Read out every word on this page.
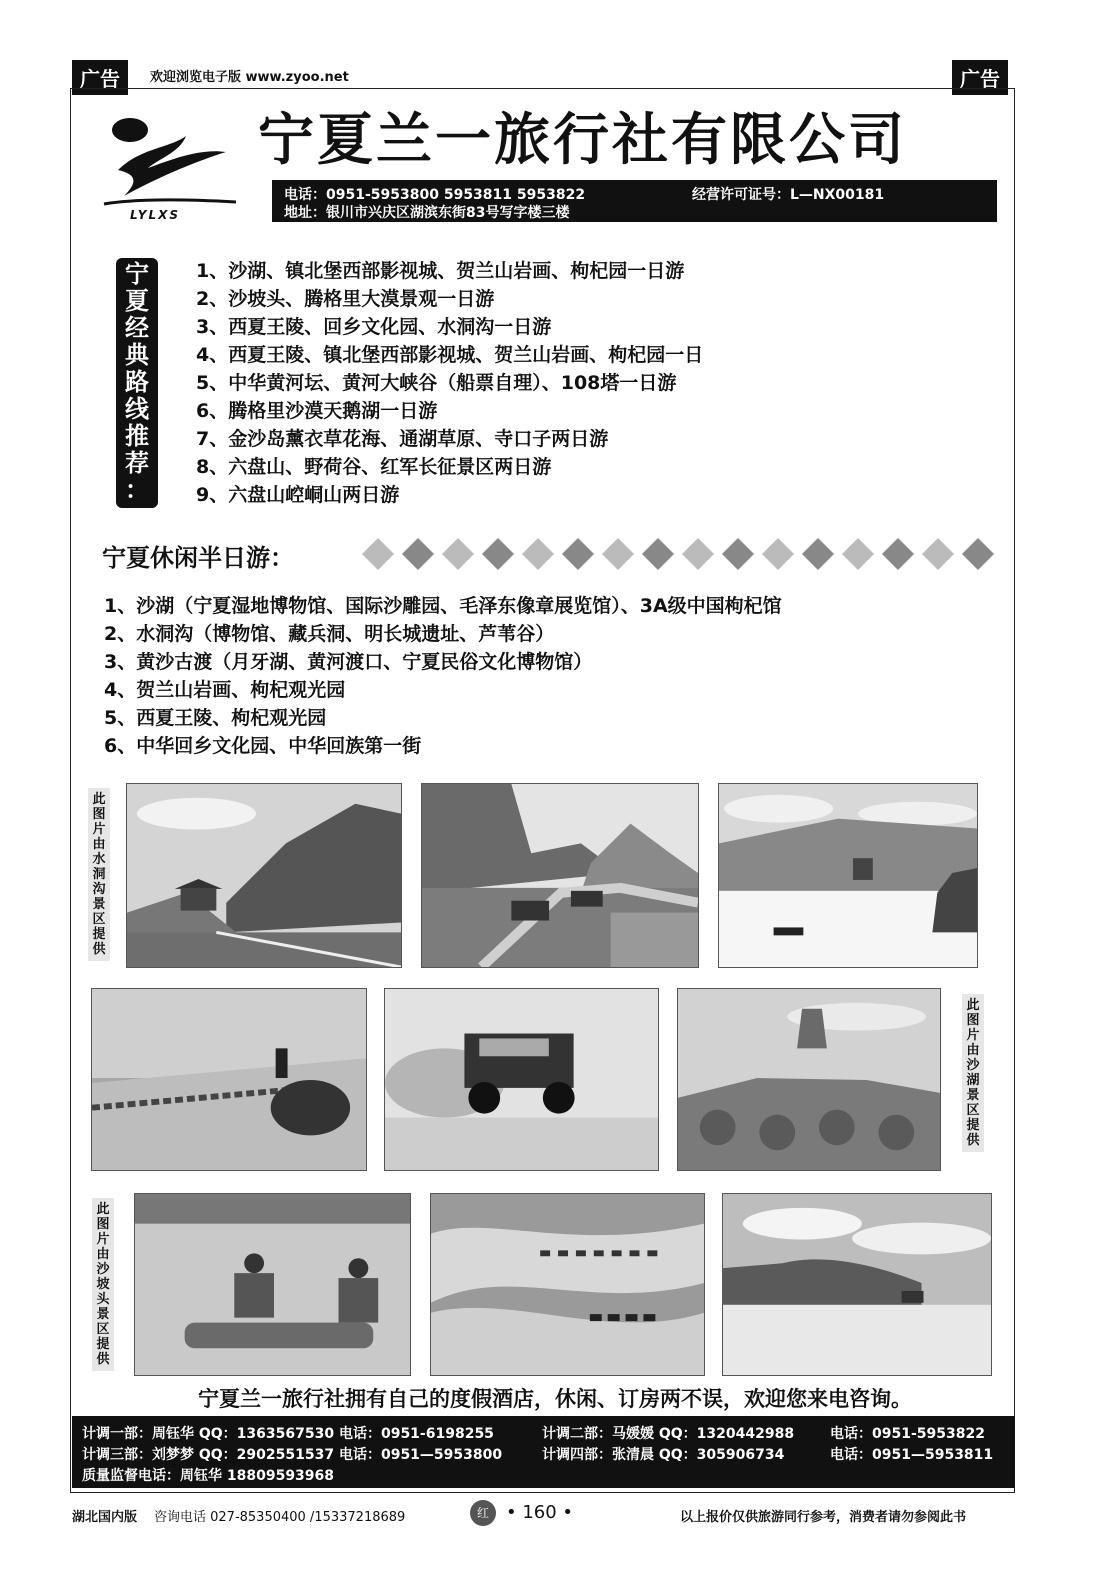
广告	欢迎浏览电子版 www.zyoo.net	广告
LYLXS
宁夏兰一旅行社有限公司
电话：0951-5953800 5953811 5953822	经营许可证号：L—NX00181
地址：银川市兴庆区湖滨东街83号写字楼三楼
宁
夏
经
典
路
线
推
荐
：
1、沙湖、镇北堡西部影视城、贺兰山岩画、枸杞园一日游
2、沙坡头、腾格里大漠景观一日游
3、西夏王陵、回乡文化园、水洞沟一日游
4、西夏王陵、镇北堡西部影视城、贺兰山岩画、枸杞园一日
5、中华黄河坛、黄河大峡谷（船票自理）、108塔一日游
6、腾格里沙漠天鹅湖一日游
7、金沙岛薰衣草花海、通湖草原、寺口子两日游
8、六盘山、野荷谷、红军长征景区两日游
9、六盘山崆峒山两日游
宁夏休闲半日游：
1、沙湖（宁夏湿地博物馆、国际沙雕园、毛泽东像章展览馆）、3A级中国枸杞馆
2、水洞沟（博物馆、藏兵洞、明长城遗址、芦苇谷）
3、黄沙古渡（月牙湖、黄河渡口、宁夏民俗文化博物馆）
4、贺兰山岩画、枸杞观光园
5、西夏王陵、枸杞观光园
6、中华回乡文化园、中华回族第一街
此
图
片
由
水
洞
沟
景
区
提
供
此
图
片
由
沙
湖
景
区
提
供
此
图
片
由
沙
坡
头
景
区
提
供
宁夏兰一旅行社拥有自己的度假酒店，休闲、订房两不误，欢迎您来电咨询。
计调一部：周钰华 QQ：1363567530 电话：0951-6198255	计调二部：马媛媛 QQ：1320442988	电话：0951-5953822
计调三部：刘梦梦 QQ：2902551537 电话：0951—5953800	计调四部：张清晨 QQ：305906734	电话：0951—5953811
质量监督电话：周钰华 18809593968
湖北国内版 咨询电话 027-85350400 /15337218689	红 • 160 •	以上报价仅供旅游同行参考，消费者请勿参阅此书
